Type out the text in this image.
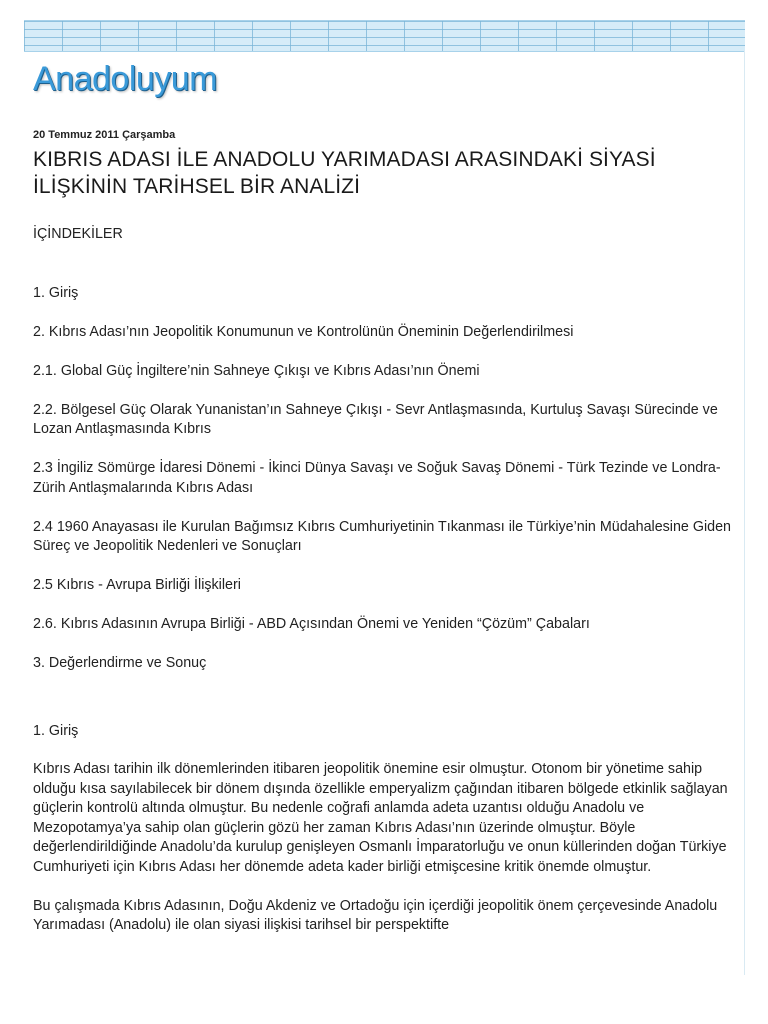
Anadoluyum
20 Temmuz 2011 Çarşamba
KIBRIS ADASI İLE ANADOLU YARIMADASI ARASINDAKİ SİYASİ İLİŞKİNİN TARİHSEL BİR ANALİZİ

İÇİNDEKİLER

1. Giriş

2. Kıbrıs Adası’nın Jeopolitik Konumunun ve Kontrolünün Öneminin Değerlendirilmesi

2.1. Global Güç İngiltere’nin Sahneye Çıkışı ve Kıbrıs Adası’nın Önemi

2.2. Bölgesel Güç Olarak Yunanistan’ın Sahneye Çıkışı - Sevr Antlaşmasında, Kurtuluş Savaşı Sürecinde ve Lozan Antlaşmasında Kıbrıs

2.3 İngiliz Sömürge İdaresi Dönemi - İkinci Dünya Savaşı ve Soğuk Savaş Dönemi - Türk Tezinde ve Londra-Zürih Antlaşmalarında Kıbrıs Adası

2.4 1960 Anayasası ile Kurulan Bağımsız Kıbrıs Cumhuriyetinin Tıkanması ile Türkiye’nin Müdahalesine Giden Süreç ve Jeopolitik Nedenleri ve Sonuçları

2.5 Kıbrıs - Avrupa Birliği İlişkileri

2.6. Kıbrıs Adasının Avrupa Birliği - ABD Açısından Önemi ve Yeniden “Çözüm” Çabaları

3. Değerlendirme ve Sonuç

1. Giriş

Kıbrıs Adası tarihin ilk dönemlerinden itibaren jeopolitik önemine esir olmuştur. Otonom bir yönetime sahip olduğu kısa sayılabilecek bir dönem dışında özellikle emperyalizm çağından itibaren bölgede etkinlik sağlayan güçlerin kontrolü altında olmuştur. Bu nedenle coğrafi anlamda adeta uzantısı olduğu Anadolu ve Mezopotamya’ya sahip olan güçlerin gözü her zaman Kıbrıs Adası’nın üzerinde olmuştur. Böyle değerlendirildiğinde Anadolu’da kurulup genişleyen Osmanlı İmparatorluğu ve onun küllerinden doğan Türkiye Cumhuriyeti için Kıbrıs Adası her dönemde adeta kader birliği etmişcesine kritik önemde olmuştur.

Bu çalışmada Kıbrıs Adasının, Doğu Akdeniz ve Ortadoğu için içerdiği jeopolitik önem çerçevesinde Anadolu Yarımadası (Anadolu) ile olan siyasi ilişkisi tarihsel bir perspektifte
